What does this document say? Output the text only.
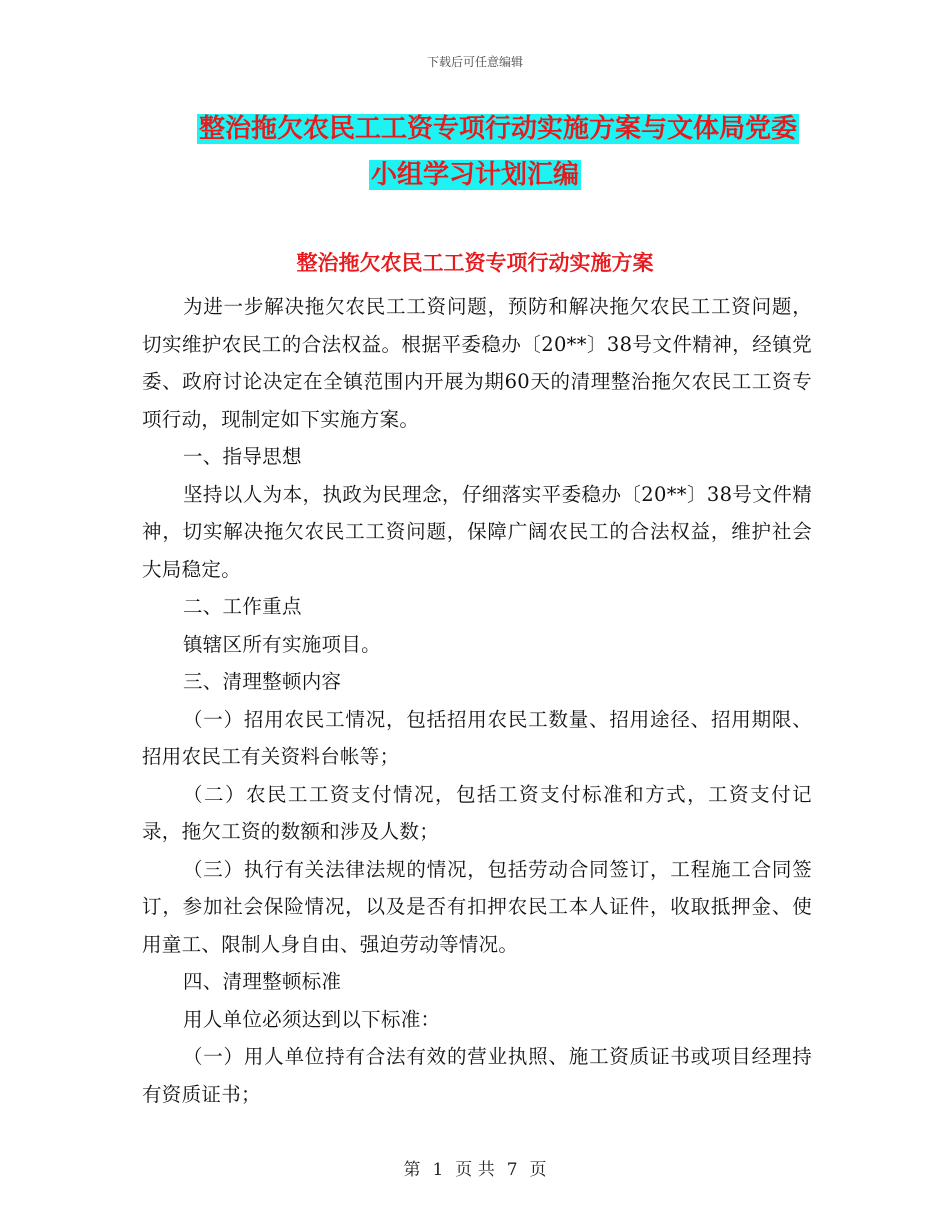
下载后可任意编辑
整治拖欠农民工工资专项行动实施方案与文体局党委
小组学习计划汇编
整治拖欠农民工工资专项行动实施方案

为进一步解决拖欠农民工工资问题，预防和解决拖欠农民工工资问题，切实维护农民工的合法权益。根据平委稳办〔20**〕38号文件精神，经镇党委、政府讨论决定在全镇范围内开展为期60天的清理整治拖欠农民工工资专项行动，现制定如下实施方案。

一、指导思想

坚持以人为本，执政为民理念，仔细落实平委稳办〔20**〕38号文件精神，切实解决拖欠农民工工资问题，保障广阔农民工的合法权益，维护社会大局稳定。

二、工作重点

镇辖区所有实施项目。

三、清理整顿内容

（一）招用农民工情况，包括招用农民工数量、招用途径、招用期限、招用农民工有关资料台帐等；

（二）农民工工资支付情况，包括工资支付标准和方式，工资支付记录，拖欠工资的数额和涉及人数；

（三）执行有关法律法规的情况，包括劳动合同签订，工程施工合同签订，参加社会保险情况，以及是否有扣押农民工本人证件，收取抵押金、使用童工、限制人身自由、强迫劳动等情况。

四、清理整顿标准

用人单位必须达到以下标准：

（一）用人单位持有合法有效的营业执照、施工资质证书或项目经理持有资质证书；

第 1 页 共 7 页
